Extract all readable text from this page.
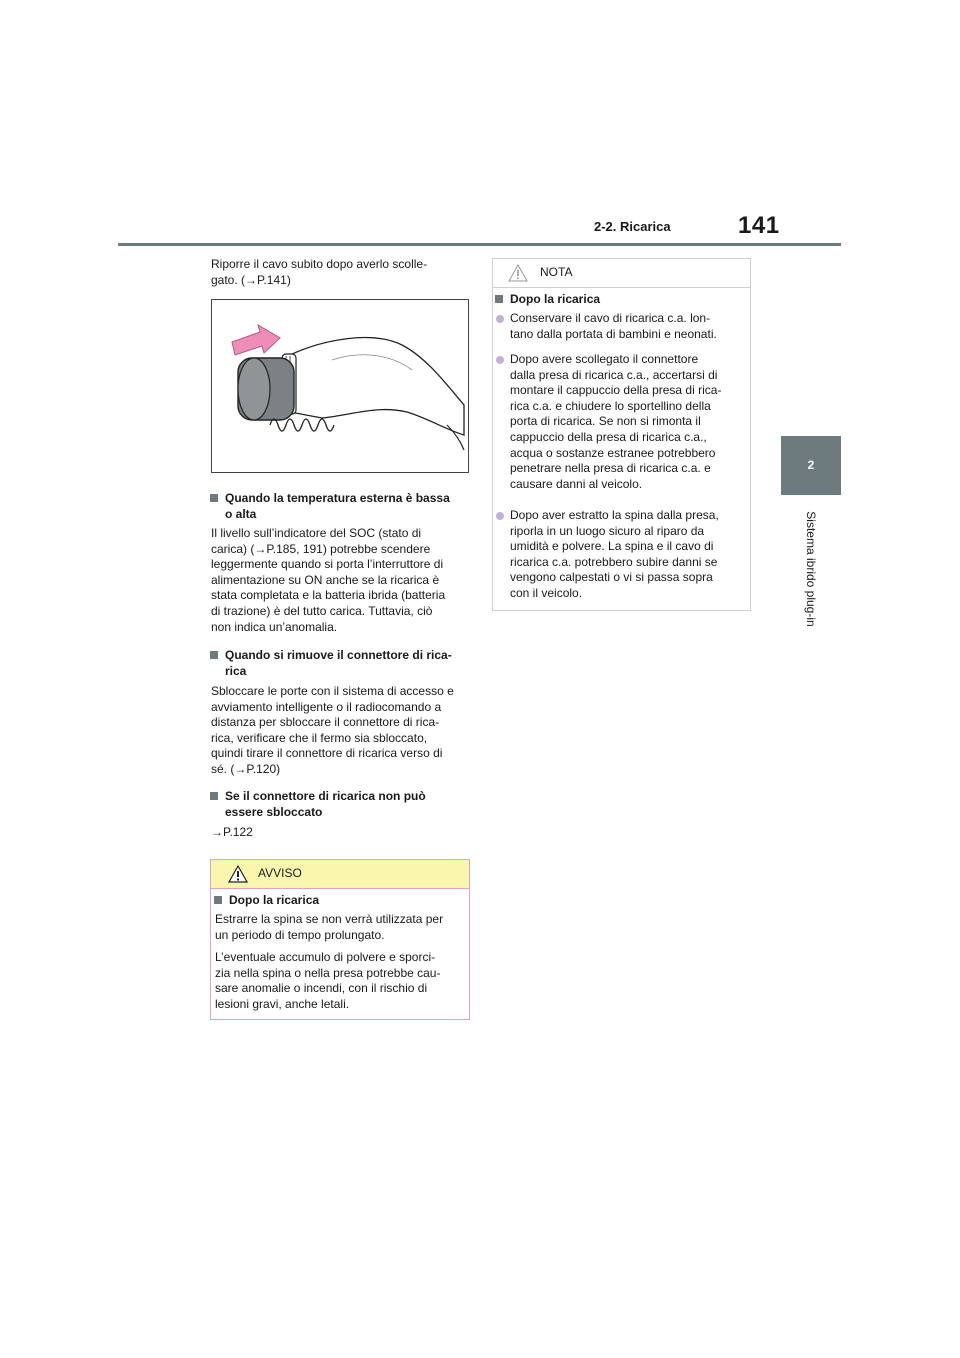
2-2. Ricarica	141
2
Sistema ibrido plug-in
Riporre il cavo subito dopo averlo scolle-
gato. (→P.141)
Quando la temperatura esterna è bassa
o alta
Il livello sull’indicatore del SOC (stato di
carica) (→P.185, 191) potrebbe scendere
leggermente quando si porta l’interruttore di
alimentazione su ON anche se la ricarica è
stata completata e la batteria ibrida (batteria
di trazione) è del tutto carica. Tuttavia, ciò
non indica un’anomalia.
Quando si rimuove il connettore di rica-
rica
Sbloccare le porte con il sistema di accesso e
avviamento intelligente o il radiocomando a
distanza per sbloccare il connettore di rica-
rica, verificare che il fermo sia sbloccato,
quindi tirare il connettore di ricarica verso di
sé. (→P.120)
Se il connettore di ricarica non può
essere sbloccato
→P.122
AVVISO
Dopo la ricarica
Estrarre la spina se non verrà utilizzata per
un periodo di tempo prolungato.
L’eventuale accumulo di polvere e sporci-
zia nella spina o nella presa potrebbe cau-
sare anomalie o incendi, con il rischio di
lesioni gravi, anche letali.
NOTA
Dopo la ricarica
Conservare il cavo di ricarica c.a. lon-
tano dalla portata di bambini e neonati.
Dopo avere scollegato il connettore
dalla presa di ricarica c.a., accertarsi di
montare il cappuccio della presa di rica-
rica c.a. e chiudere lo sportellino della
porta di ricarica. Se non si rimonta il
cappuccio della presa di ricarica c.a.,
acqua o sostanze estranee potrebbero
penetrare nella presa di ricarica c.a. e
causare danni al veicolo.
Dopo aver estratto la spina dalla presa,
riporla in un luogo sicuro al riparo da
umidità e polvere. La spina e il cavo di
ricarica c.a. potrebbero subire danni se
vengono calpestati o vi si passa sopra
con il veicolo.
